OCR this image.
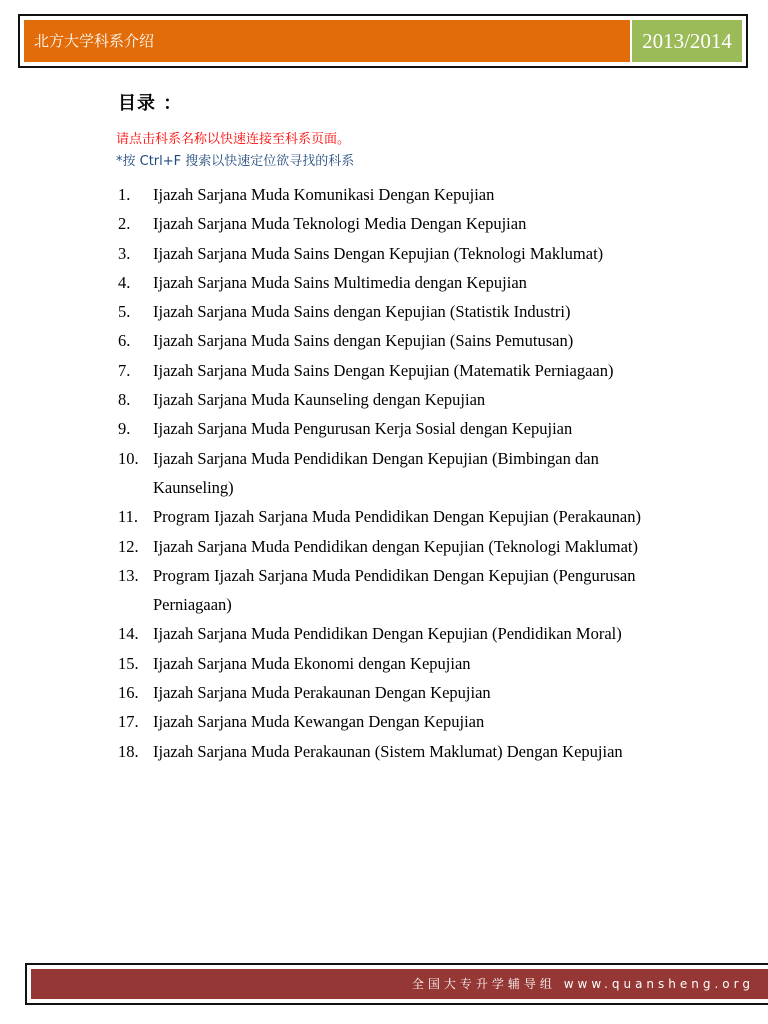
北方大学科系介绍	2013/2014
目录 ：
请点击科系名称以快速连接至科系页面。
*按 Ctrl+F 搜索以快速定位欲寻找的科系
1. Ijazah Sarjana Muda Komunikasi Dengan Kepujian
2. Ijazah Sarjana Muda Teknologi Media Dengan Kepujian
3. Ijazah Sarjana Muda Sains Dengan Kepujian (Teknologi Maklumat)
4. Ijazah Sarjana Muda Sains Multimedia dengan Kepujian
5. Ijazah Sarjana Muda Sains dengan Kepujian (Statistik Industri)
6. Ijazah Sarjana Muda Sains dengan Kepujian (Sains Pemutusan)
7. Ijazah Sarjana Muda Sains Dengan Kepujian (Matematik Perniagaan)
8. Ijazah Sarjana Muda Kaunseling dengan Kepujian
9. Ijazah Sarjana Muda Pengurusan Kerja Sosial dengan Kepujian
10. Ijazah Sarjana Muda Pendidikan Dengan Kepujian (Bimbingan dan Kaunseling)
11. Program Ijazah Sarjana Muda Pendidikan Dengan Kepujian (Perakaunan)
12. Ijazah Sarjana Muda Pendidikan dengan Kepujian (Teknologi Maklumat)
13. Program Ijazah Sarjana Muda Pendidikan Dengan Kepujian (Pengurusan Perniagaan)
14. Ijazah Sarjana Muda Pendidikan Dengan Kepujian (Pendidikan Moral)
15. Ijazah Sarjana Muda Ekonomi dengan Kepujian
16. Ijazah Sarjana Muda Perakaunan Dengan Kepujian
17. Ijazah Sarjana Muda Kewangan Dengan Kepujian
18. Ijazah Sarjana Muda Perakaunan (Sistem Maklumat) Dengan Kepujian
全国大专升学辅导组 www.quansheng.org
